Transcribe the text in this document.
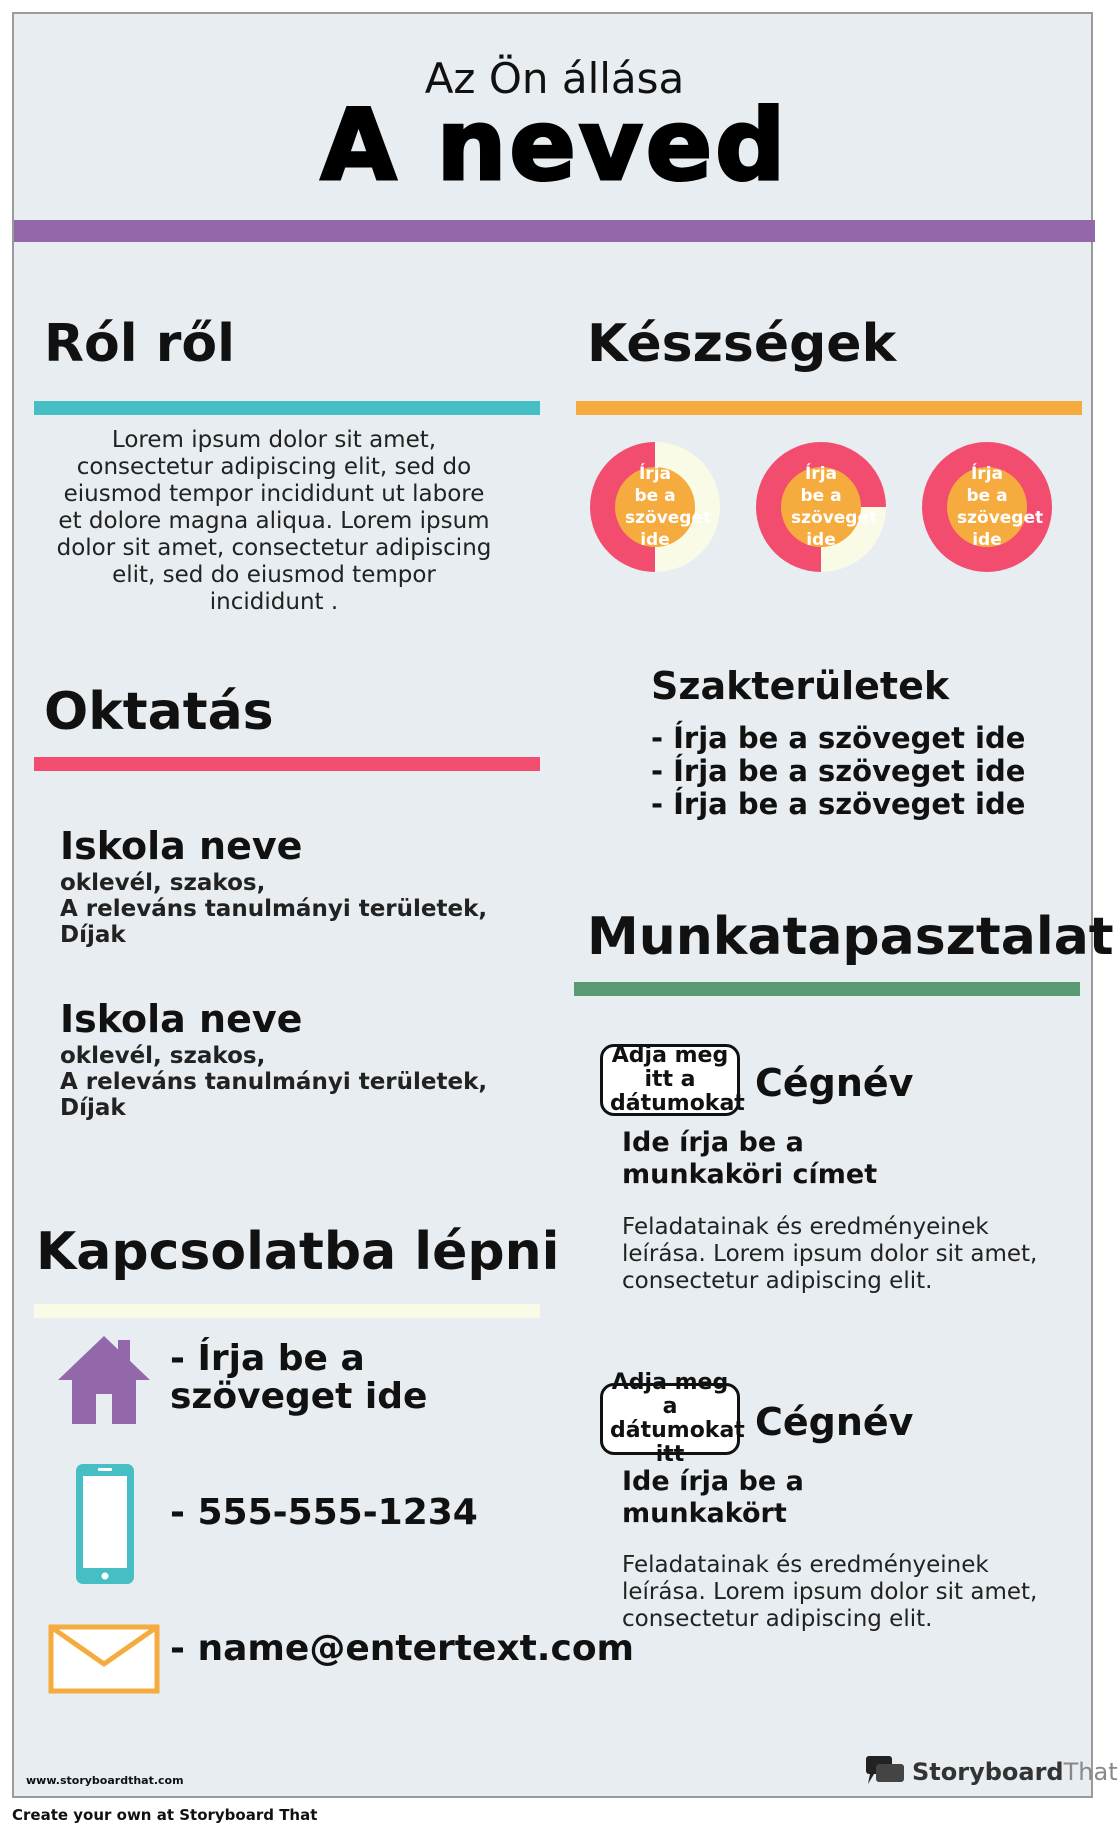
Az Ön állása
A neved
Ról ről
Lorem ipsum dolor sit amet, consectetur adipiscing elit, sed do eiusmod tempor incididunt ut labore et dolore magna aliqua. Lorem ipsum dolor sit amet, consectetur adipiscing elit, sed do eiusmod tempor incididunt .
Készségek
Írja be a szöveget ide
Írja be a szöveget ide
Írja be a szöveget ide
Szakterületek
- Írja be a szöveget ide
- Írja be a szöveget ide
- Írja be a szöveget ide
Oktatás
Iskola neve
oklevél, szakos,
A releváns tanulmányi területek,
Díjak
Iskola neve
oklevél, szakos,
A releváns tanulmányi területek,
Díjak
Munkatapasztalat
Adja meg itt a dátumokat Cégnév
Ide írja be a munkaköri címet
Feladatainak és eredményeinek leírása. Lorem ipsum dolor sit amet, consectetur adipiscing elit.
Adja meg a dátumokat itt
Cégnév
Ide írja be a munkakört
Feladatainak és eredményeinek leírása. Lorem ipsum dolor sit amet, consectetur adipiscing elit.
Kapcsolatba lépni
- Írja be a szöveget ide
- 555-555-1234
- name@entertext.com
www.storyboardthat.com	StoryboardThat
Create your own at Storyboard That
